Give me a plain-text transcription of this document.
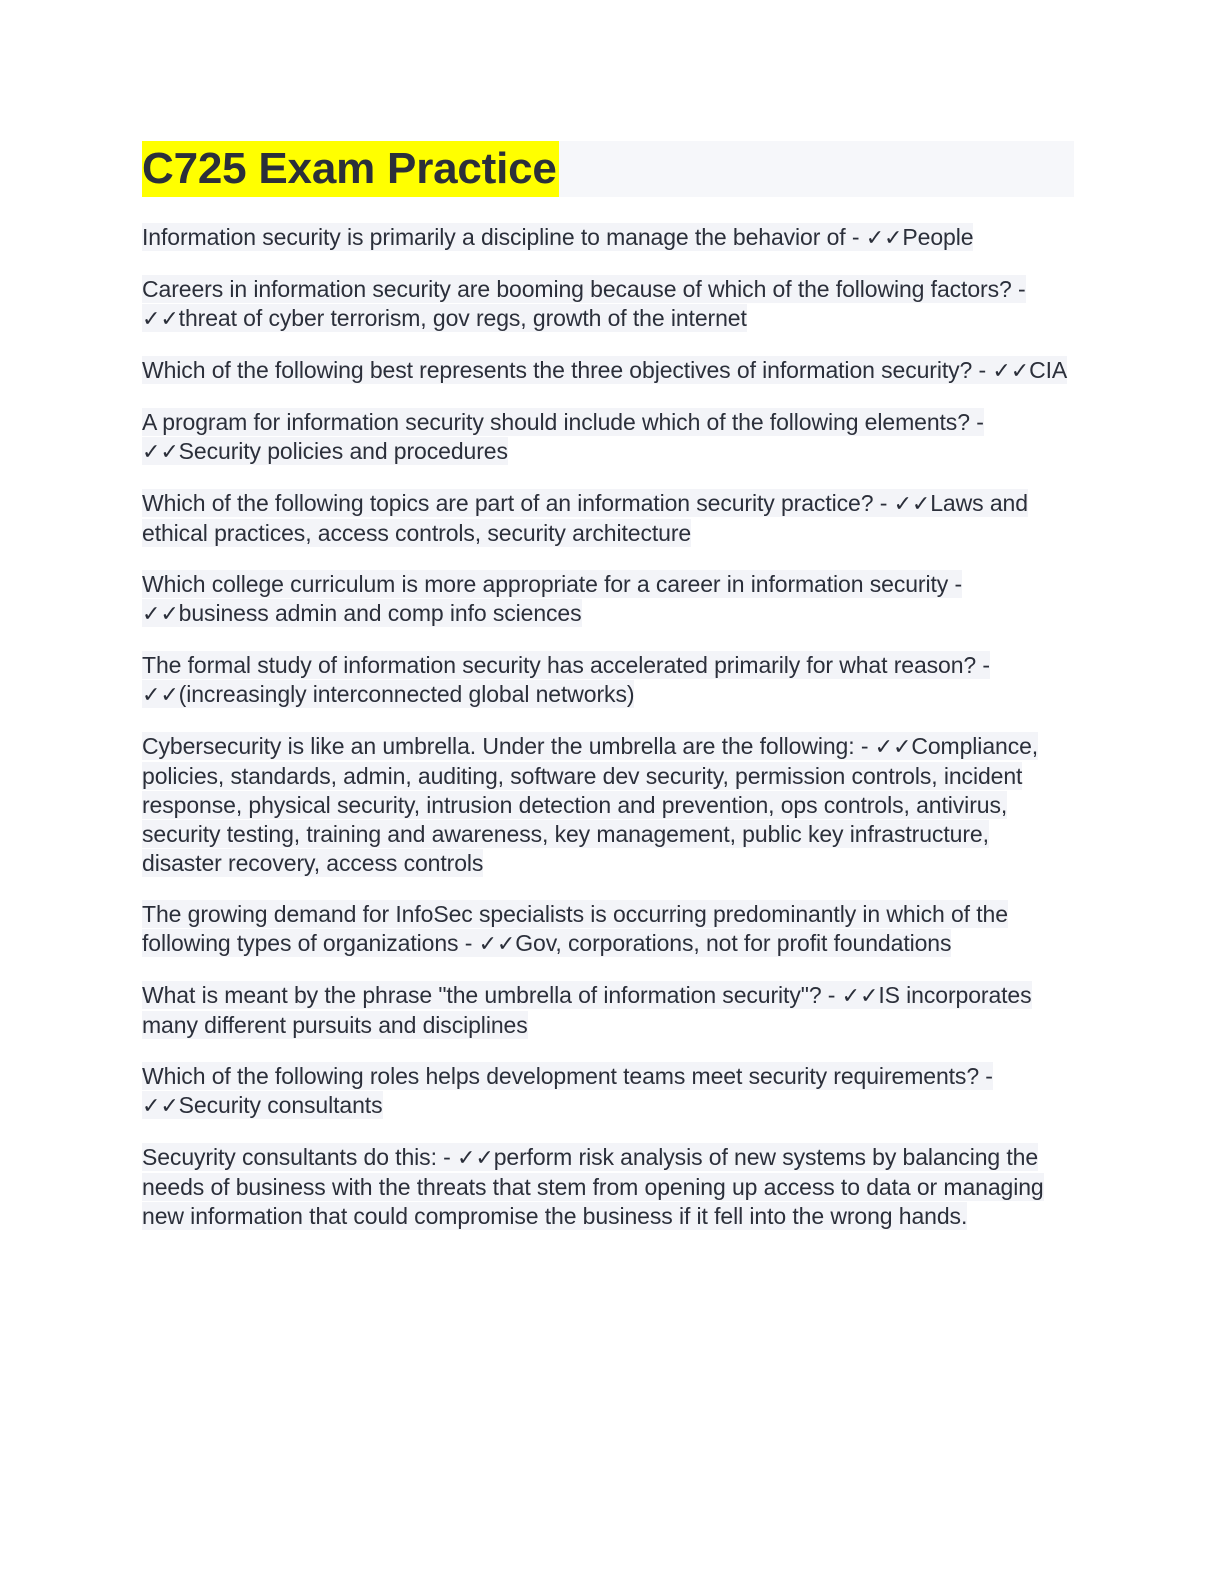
C725 Exam Practice

Information security is primarily a discipline to manage the behavior of - ✓✓People

Careers in information security are booming because of which of the following factors? - ✓✓threat of cyber terrorism, gov regs, growth of the internet

Which of the following best represents the three objectives of information security? - ✓✓CIA

A program for information security should include which of the following elements? - ✓✓Security policies and procedures

Which of the following topics are part of an information security practice? - ✓✓Laws and ethical practices, access controls, security architecture

Which college curriculum is more appropriate for a career in information security - ✓✓business admin and comp info sciences

The formal study of information security has accelerated primarily for what reason? - ✓✓(increasingly interconnected global networks)

Cybersecurity is like an umbrella. Under the umbrella are the following: - ✓✓Compliance, policies, standards, admin, auditing, software dev security, permission controls, incident response, physical security, intrusion detection and prevention, ops controls, antivirus, security testing, training and awareness, key management, public key infrastructure, disaster recovery, access controls

The growing demand for InfoSec specialists is occurring predominantly in which of the following types of organizations - ✓✓Gov, corporations, not for profit foundations

What is meant by the phrase "the umbrella of information security"? - ✓✓IS incorporates many different pursuits and disciplines

Which of the following roles helps development teams meet security requirements? - ✓✓Security consultants

Secuyrity consultants do this: - ✓✓perform risk analysis of new systems by balancing the needs of business with the threats that stem from opening up access to data or managing new information that could compromise the business if it fell into the wrong hands.
